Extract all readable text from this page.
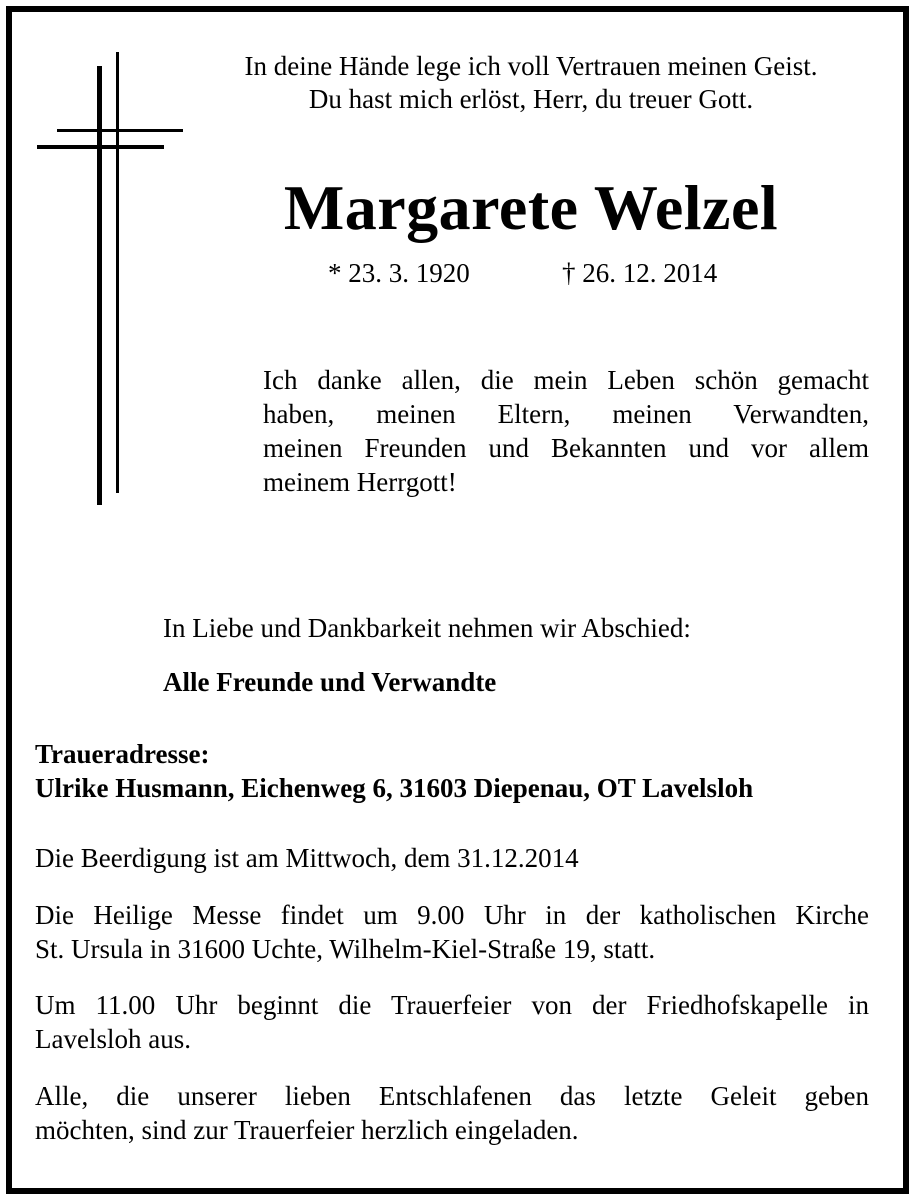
In deine Hände lege ich voll Vertrauen meinen Geist.
Du hast mich erlöst, Herr, du treuer Gott.
Margarete Welzel
* 23. 3. 1920	† 26. 12. 2014
Ich danke allen, die mein Leben schön gemacht
haben, meinen Eltern, meinen Verwandten,
meinen Freunden und Bekannten und vor allem
meinem Herrgott!
In Liebe und Dankbarkeit nehmen wir Abschied:
Alle Freunde und Verwandte
Traueradresse:
Ulrike Husmann, Eichenweg 6, 31603 Diepenau, OT Lavelsloh
Die Beerdigung ist am Mittwoch, dem 31.12.2014
Die Heilige Messe findet um 9.00 Uhr in der katholischen Kirche
St. Ursula in 31600 Uchte, Wilhelm-Kiel-Straße 19, statt.
Um 11.00 Uhr beginnt die Trauerfeier von der Friedhofskapelle in
Lavelsloh aus.
Alle, die unserer lieben Entschlafenen das letzte Geleit geben
möchten, sind zur Trauerfeier herzlich eingeladen.
